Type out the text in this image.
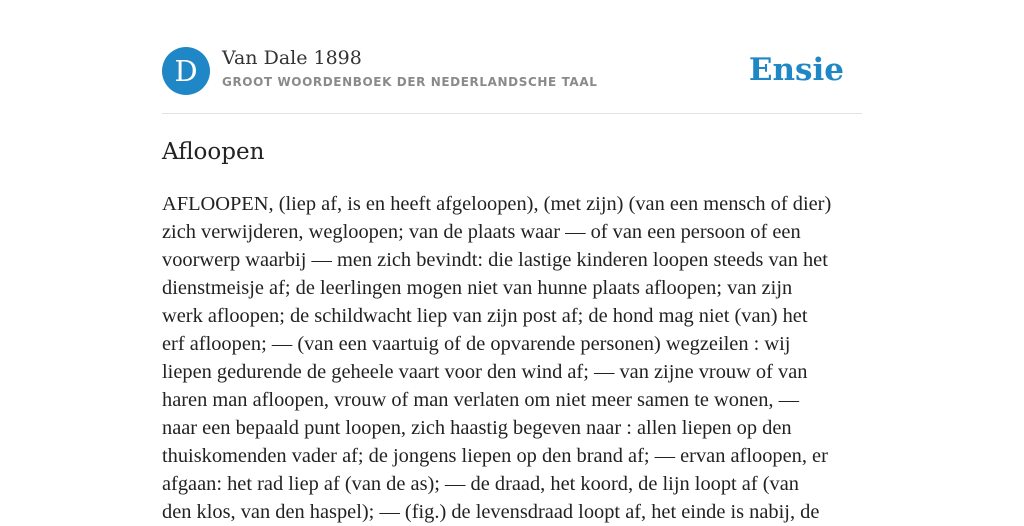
D	Van Dale 1898
GROOT WOORDENBOEK DER NEDERLANDSCHE TAAL	Ensie
Afloopen

AFLOOPEN, (liep af, is en heeft afgeloopen), (met zijn) (van een mensch of dier)
zich verwijderen, wegloopen; van de plaats waar — of van een persoon of een
voorwerp waarbij — men zich bevindt: die lastige kinderen loopen steeds van het
dienstmeisje af; de leerlingen mogen niet van hunne plaats afloopen; van zijn
werk afloopen; de schildwacht liep van zijn post af; de hond mag niet (van) het
erf afloopen; — (van een vaartuig of de opvarende personen) wegzeilen : wij
liepen gedurende de geheele vaart voor den wind af; — van zijne vrouw of van
haren man afloopen, vrouw of man verlaten om niet meer samen te wonen, —
naar een bepaald punt loopen, zich haastig begeven naar : allen liepen op den
thuiskomenden vader af; de jongens liepen op den brand af; — ervan afloopen, er
afgaan: het rad liep af (van de as); — de draad, het koord, de lijn loopt af (van
den klos, van den haspel); — (fig.) de levensdraad loopt af, het einde is nabij, de
